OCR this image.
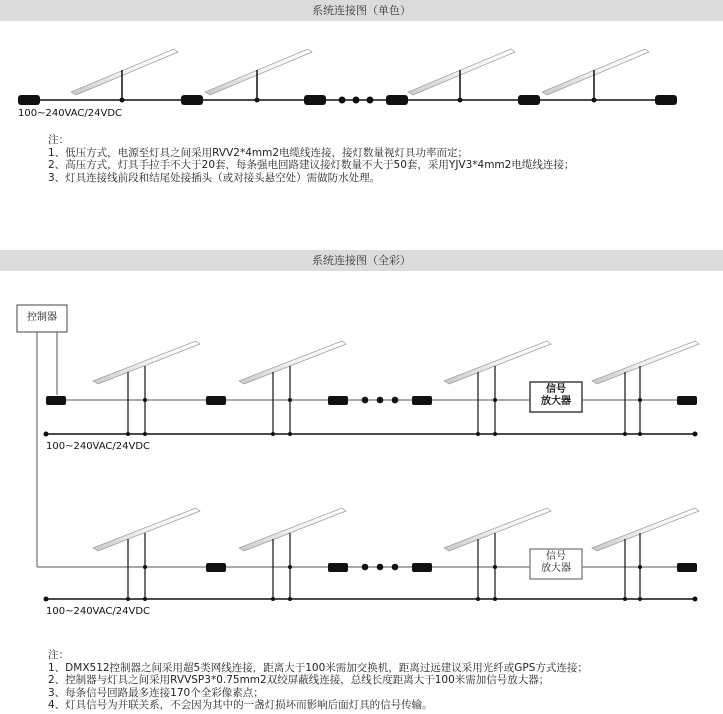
系统连接图（单色）
系统连接图（全彩）
100~240VAC/24VDC
注：
1、低压方式，电源至灯具之间采用RVV2*4mm2电缆线连接，接灯数量视灯具功率而定；
2、高压方式，灯具手拉手不大于20套，每条强电回路建议接灯数量不大于50套，采用YJV3*4mm2电缆线连接；
3、灯具连接线前段和结尾处接插头（或对接头悬空处）需做防水处理。
控制器
信号
放大器
信号
放大器
100~240VAC/24VDC
100~240VAC/24VDC
注：
1、DMX512控制器之间采用超5类网线连接，距离大于100米需加交换机，距离过远建议采用光纤或GPS方式连接；
2、控制器与灯具之间采用RVVSP3*0.75mm2双绞屏蔽线连接，总线长度距离大于100米需加信号放大器；
3、每条信号回路最多连接170个全彩像素点；
4、灯具信号为并联关系，不会因为其中的一盏灯损坏而影响后面灯具的信号传输。
